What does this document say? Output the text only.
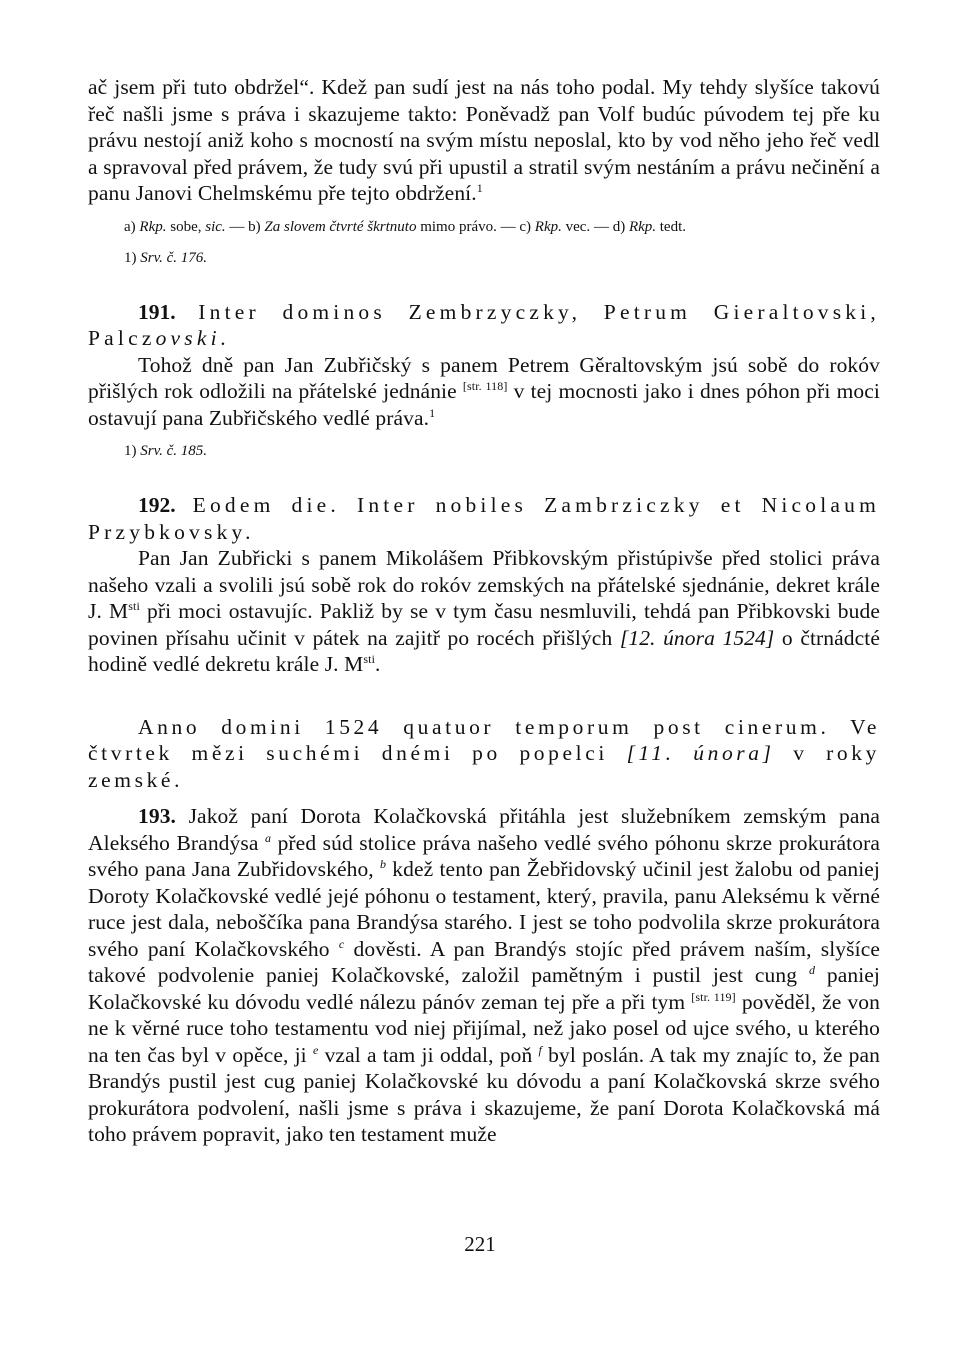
ač jsem při tuto obdržel“. Kdež pan sudí jest na nás toho podal. My tehdy slyšíce takovú řeč našli jsme s práva i skazujeme takto: Poněvadž pan Volf budúc púvodem tej pře ku právu nestojí aniž koho s mocností na svým místu neposlal, kto by vod něho jeho řeč vedl a spravoval před právem, že tudy svú při upustil a stratil svým nestáním a právu nečinění a panu Janovi Chelmskému pře tejto obdržení.$^1$

a) Rkp. sobe, sic. — b) Za slovem čtvrté škrtnuto mimo právo. — c) Rkp. vec. — d) Rkp. tedt.

1) Srv. č. 176.

191. Inter dominos Zembrzyczky, Petrum Gieraltovski, Palczovski.

Tohož dně pan Jan Zubřičský s panem Petrem Gěraltovským jsú sobě do rokóv přišlých rok odložili na přátelské jednánie [str. 118] v tej mocnosti jako i dnes póhon při moci ostavují pana Zubřičského vedlé práva.$^1$

1) Srv. č. 185.

192. Eodem die. Inter nobiles Zambrziczky et Nicolaum Przybkovsky.

Pan Jan Zubřicki s panem Mikolášem Přibkovským přistúpivše před stolici práva našeho vzali a svolili jsú sobě rok do rokóv zemských na přátelské sjednánie, dekret krále J. $M^{sti}$ při moci ostavujíc. Pakliž by se v tym času nesmluvili, tehdá pan Přibkovski bude povinen přísahu učinit v pátek na zajitř po rocéch přišlých [12. února 1524] o čtrnádcté hodině vedlé dekretu krále J. $M^{sti}$.

Anno domini 1524 quatuor temporum post cinerum. Ve čtvrtek mězi suchémi dnémi po popelci [11. února] v roky zemské.

193. Jakož paní Dorota Kolačkovská přitáhla jest služebníkem zemským pana Alekséhо Brandýsa $^a$ před súd stolice práva našeho vedlé svého póhonu skrze prokurátora svého pana Jana Zubřidovského, $^b$ kdež tento pan Žebřidovský učinil jest žalobu od paniej Doroty Kolačkovské vedlé jejé póhonu o testament, který, pravila, panu Aleksému k věrné ruce jest dala, neboščíka pana Brandýsa starého. I jest se toho podvolila skrze prokurátora svého paní Kolačkovského $^c$ dověsti. A pan Brandýs stojíc před právem naším, slyšíce takové podvolenie paniej Kolačkovské, založil pamětným i pustil jest cung $^d$ paniej Kolačkovské ku dóvodu vedlé nálezu pánóv zeman tej pře a při tym [str. 119] pověděl, že von ne k věrné ruce toho testamentu vod niej přijímal, než jako posel od ujce svého, u kterého na ten čas byl v opěce, ji $^e$ vzal a tam ji oddal, poň $^f$ byl poslán. A tak my znajíc to, že pan Brandýs pustil jest cug paniej Kolačkovské ku dóvodu a paní Kolačkovská skrze svého prokurátora podvolení, našli jsme s práva i skazujeme, že paní Dorota Kolačkovská má toho právem popravit, jako ten testament muže

221
